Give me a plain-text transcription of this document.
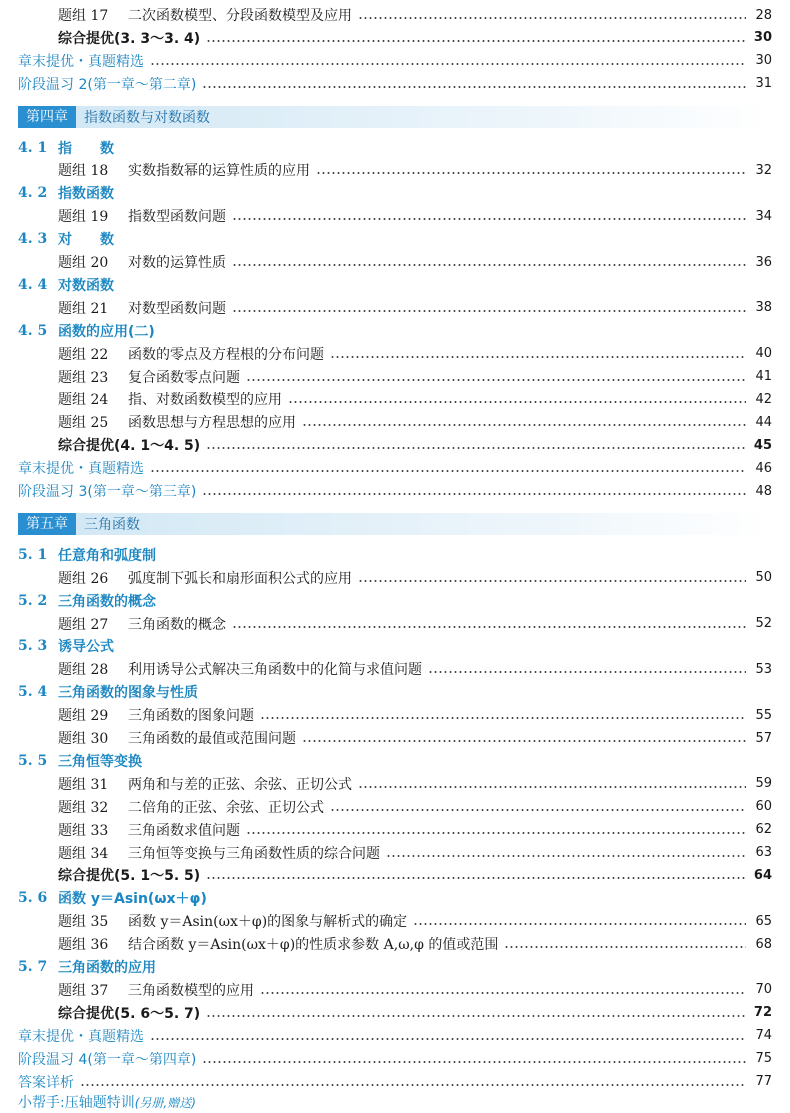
题组 17	二次函数模型、分段函数模型及应用	28
综合提优(3. 3～3. 4)	30
章末提优・真题精选	30
阶段温习 2(第一章～第二章)	31
第四章	指数函数与对数函数
4. 1 指　　数
题组 18	实数指数幂的运算性质的应用	32
4. 2 指数函数
题组 19	指数型函数问题	34
4. 3 对　　数
题组 20	对数的运算性质	36
4. 4 对数函数
题组 21	对数型函数问题	38
4. 5 函数的应用(二)
题组 22	函数的零点及方程根的分布问题	40
题组 23	复合函数零点问题	41
题组 24	指、对数函数模型的应用	42
题组 25	函数思想与方程思想的应用	44
综合提优(4. 1～4. 5)	45
章末提优・真题精选	46
阶段温习 3(第一章～第三章)	48
第五章	三角函数
5. 1 任意角和弧度制
题组 26	弧度制下弧长和扇形面积公式的应用	50
5. 2 三角函数的概念
题组 27	三角函数的概念	52
5. 3 诱导公式
题组 28	利用诱导公式解决三角函数中的化简与求值问题	53
5. 4 三角函数的图象与性质
题组 29	三角函数的图象问题	55
题组 30	三角函数的最值或范围问题	57
5. 5 三角恒等变换
题组 31	两角和与差的正弦、余弦、正切公式	59
题组 32	二倍角的正弦、余弦、正切公式	60
题组 33	三角函数求值问题	62
题组 34	三角恒等变换与三角函数性质的综合问题	63
综合提优(5. 1～5. 5)	64
5. 6 函数 y＝Asin(ωx＋φ)
题组 35	函数 y＝Asin(ωx＋φ)的图象与解析式的确定	65
题组 36	结合函数 y＝Asin(ωx＋φ)的性质求参数 A,ω,φ 的值或范围	68
5. 7 三角函数的应用
题组 37	三角函数模型的应用	70
综合提优(5. 6～5. 7)	72
章末提优・真题精选	74
阶段温习 4(第一章～第四章)	75
答案详析	77
小帮手:压轴题特训 (另册,赠送)
